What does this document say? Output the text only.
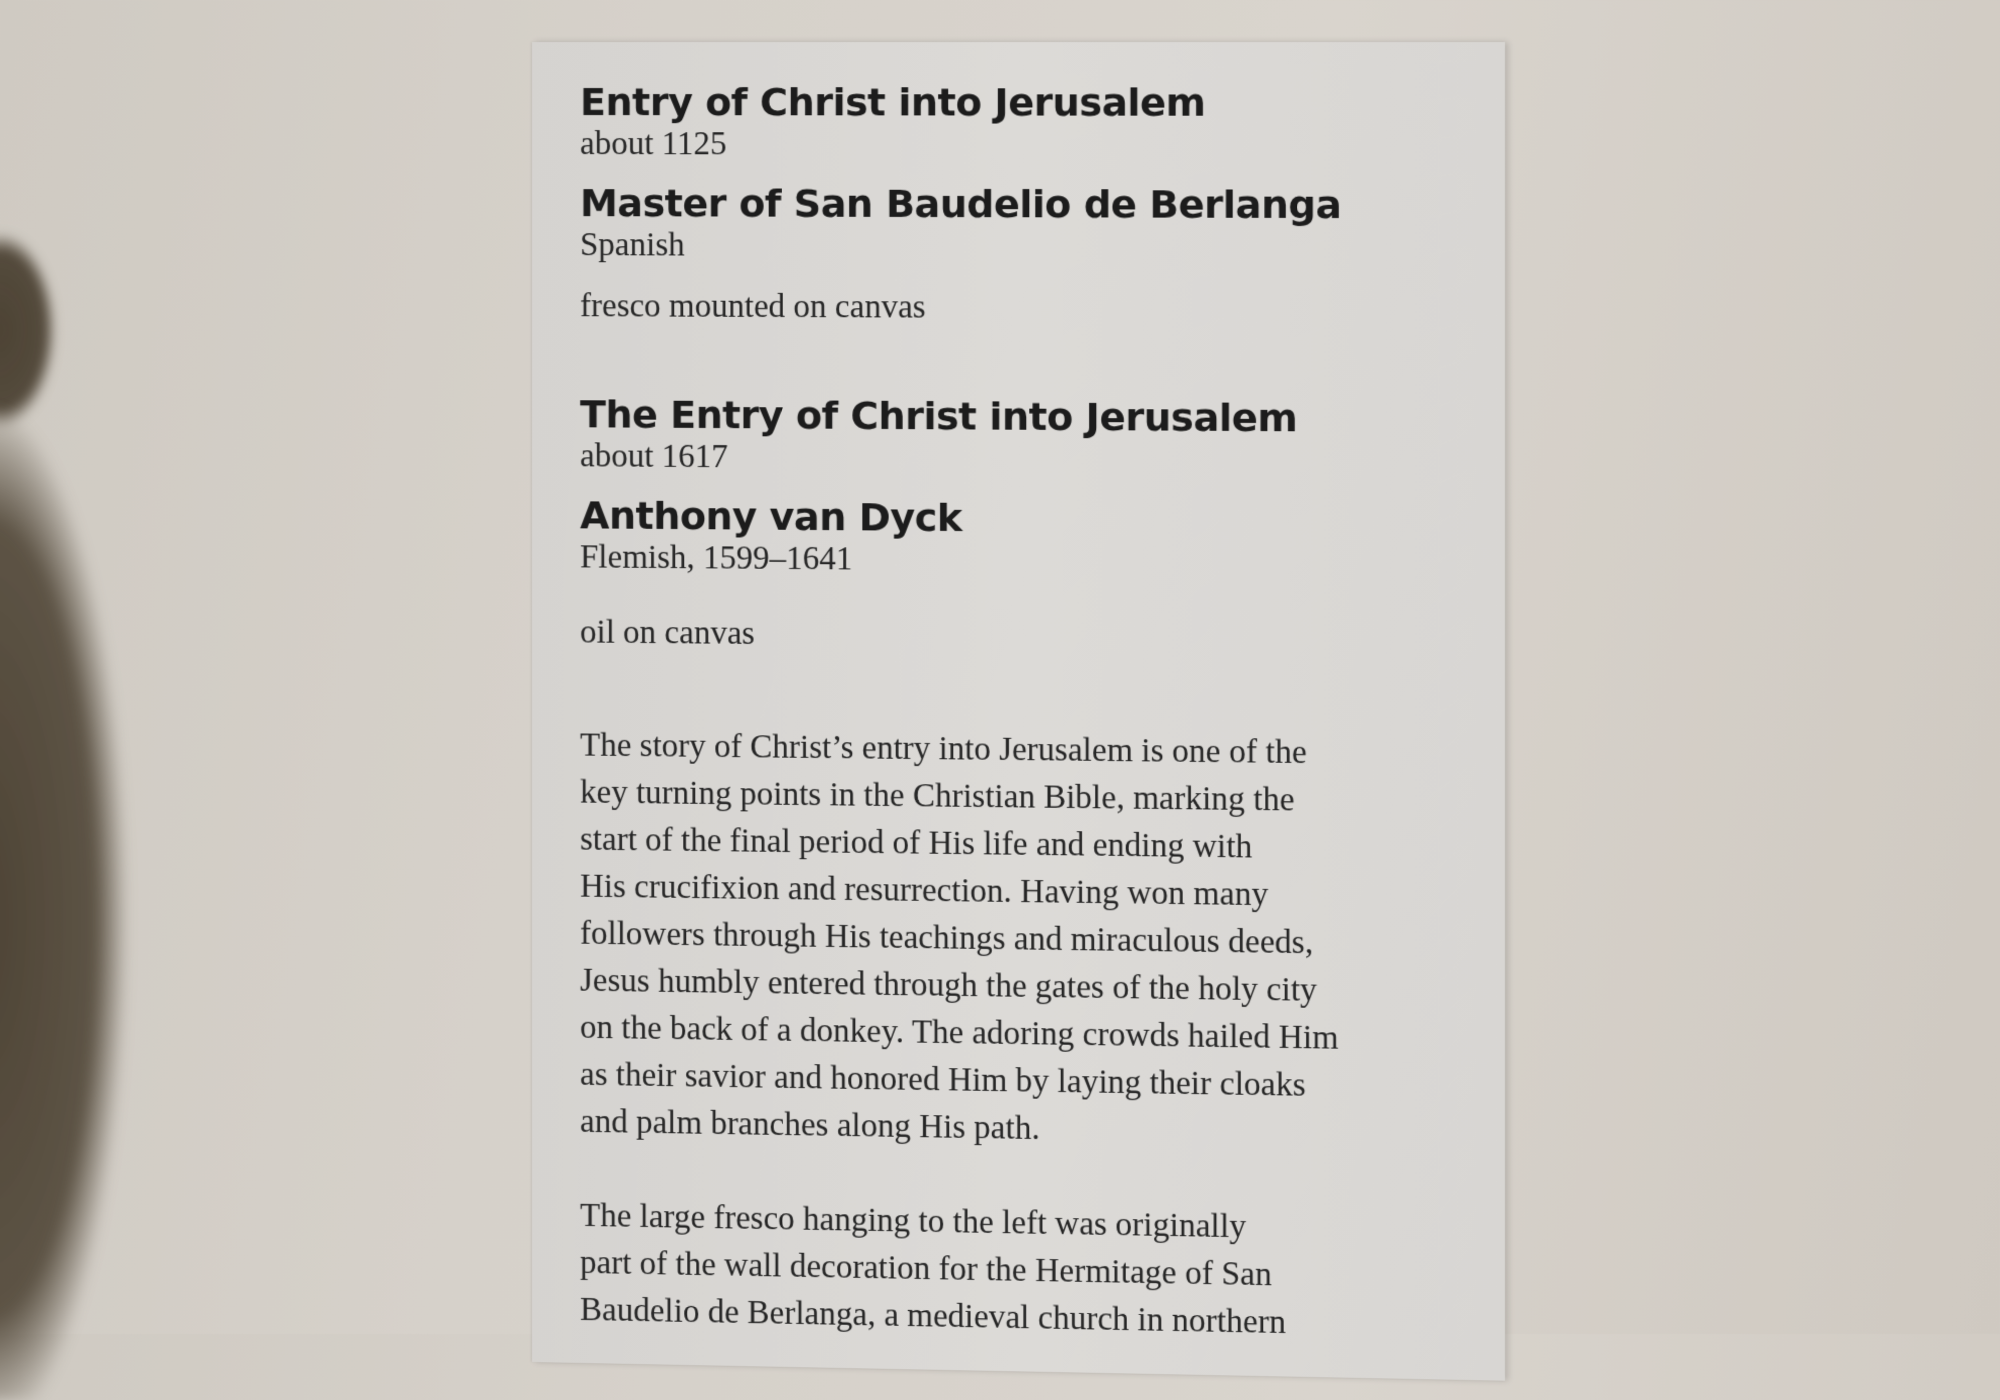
Entry of Christ into Jerusalem

about 1125

Master of San Baudelio de Berlanga

Spanish

fresco mounted on canvas

The Entry of Christ into Jerusalem

about 1617

Anthony van Dyck

Flemish, 1599–1641

oil on canvas

The story of Christ’s entry into Jerusalem is one of the

key turning points in the Christian Bible, marking the

start of the final period of His life and ending with

His crucifixion and resurrection. Having won many

followers through His teachings and miraculous deeds,

Jesus humbly entered through the gates of the holy city

on the back of a donkey. The adoring crowds hailed Him

as their savior and honored Him by laying their cloaks

and palm branches along His path.

The large fresco hanging to the left was originally

part of the wall decoration for the Hermitage of San

Baudelio de Berlanga, a medieval church in northern
